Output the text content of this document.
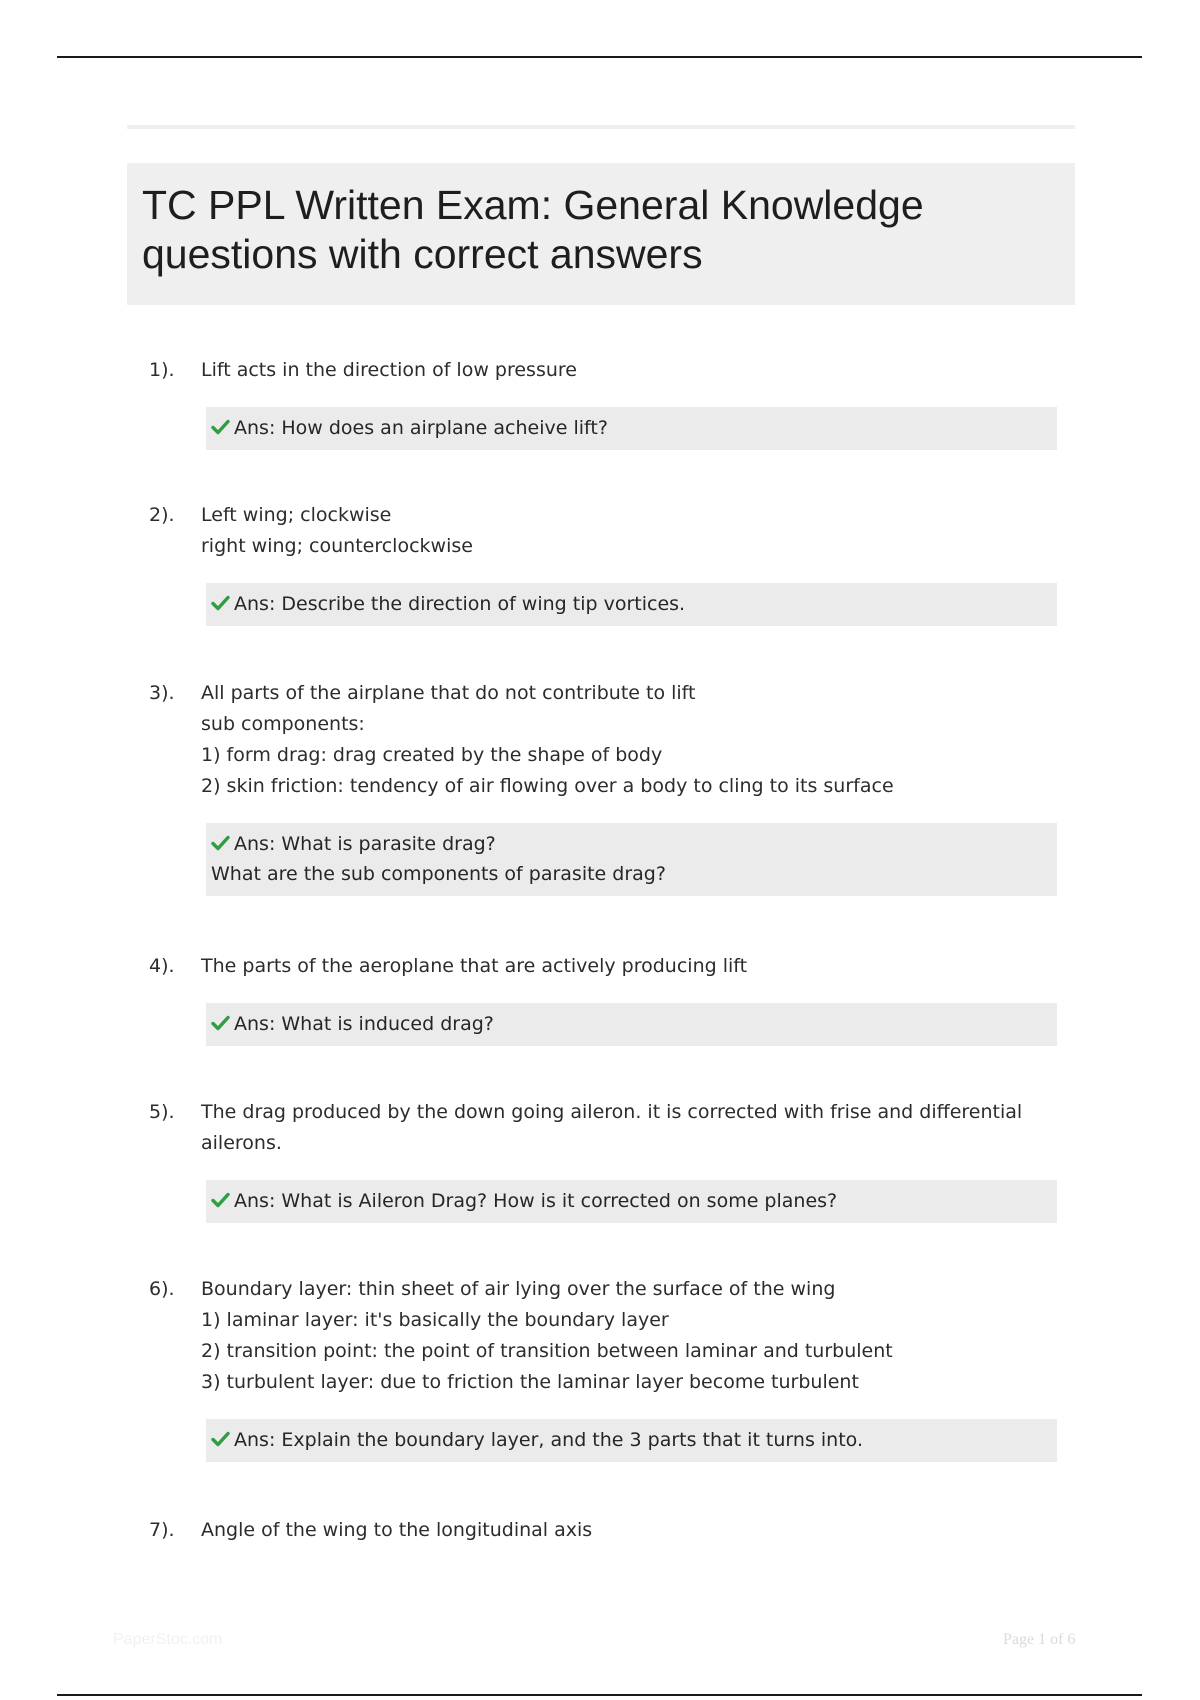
TC PPL Written Exam: General Knowledge questions with correct answers
1). Lift acts in the direction of low pressure
Ans: How does an airplane acheive lift?
2). Left wing; clockwise
right wing; counterclockwise
Ans: Describe the direction of wing tip vortices.
3). All parts of the airplane that do not contribute to lift
sub components:
1) form drag: drag created by the shape of body
2) skin friction: tendency of air flowing over a body to cling to its surface
Ans: What is parasite drag?
What are the sub components of parasite drag?
4). The parts of the aeroplane that are actively producing lift
Ans: What is induced drag?
5). The drag produced by the down going aileron. it is corrected with frise and differential
ailerons.
Ans: What is Aileron Drag? How is it corrected on some planes?
6). Boundary layer: thin sheet of air lying over the surface of the wing
1) laminar layer: it's basically the boundary layer
2) transition point: the point of transition between laminar and turbulent
3) turbulent layer: due to friction the laminar layer become turbulent
Ans: Explain the boundary layer, and the 3 parts that it turns into.
7). Angle of the wing to the longitudinal axis
PaperStoc.com	Page 1 of 6
